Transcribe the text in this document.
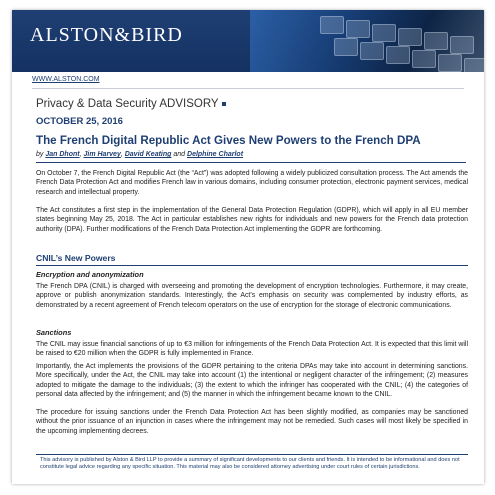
ALSTON&BIRD
WWW.ALSTON.COM
Privacy & Data Security ADVISORY
OCTOBER 25, 2016
The French Digital Republic Act Gives New Powers to the French DPA
by Jan Dhont, Jim Harvey, David Keating and Delphine Charlot

On October 7, the French Digital Republic Act (the “Act”) was adopted following a widely publicized consultation process. The Act amends the French Data Protection Act and modifies French law in various domains, including consumer protection, electronic payment services, medical research and intellectual property.

The Act constitutes a first step in the implementation of the General Data Protection Regulation (GDPR), which will apply in all EU member states beginning May 25, 2018. The Act in particular establishes new rights for individuals and new powers for the French data protection authority (DPA). Further modifications of the French Data Protection Act implementing the GDPR are forthcoming.

CNIL’s New Powers
Encryption and anonymization

The French DPA (CNIL) is charged with overseeing and promoting the development of encryption technologies. Furthermore, it may create, approve or publish anonymization standards. Interestingly, the Act’s emphasis on security was complemented by industry efforts, as demonstrated by a recent agreement of French telecom operators on the use of encryption for the storage of electronic communications.

Sanctions

The CNIL may issue financial sanctions of up to €3 million for infringements of the French Data Protection Act. It is expected that this limit will be raised to €20 million when the GDPR is fully implemented in France.

Importantly, the Act implements the provisions of the GDPR pertaining to the criteria DPAs may take into account in determining sanctions. More specifically, under the Act, the CNIL may take into account (1) the intentional or negligent character of the infringement; (2) measures adopted to mitigate the damage to the individuals; (3) the extent to which the infringer has cooperated with the CNIL; (4) the categories of personal data affected by the infringement; and (5) the manner in which the infringement became known to the CNIL.

The procedure for issuing sanctions under the French Data Protection Act has been slightly modified, as companies may be sanctioned without the prior issuance of an injunction in cases where the infringement may not be remedied. Such cases will most likely be specified in the upcoming implementing decrees.

This advisory is published by Alston & Bird LLP to provide a summary of significant developments to our clients and friends. It is intended to be informational and does not constitute legal advice regarding any specific situation. This material may also be considered attorney advertising under court rules of certain jurisdictions.
